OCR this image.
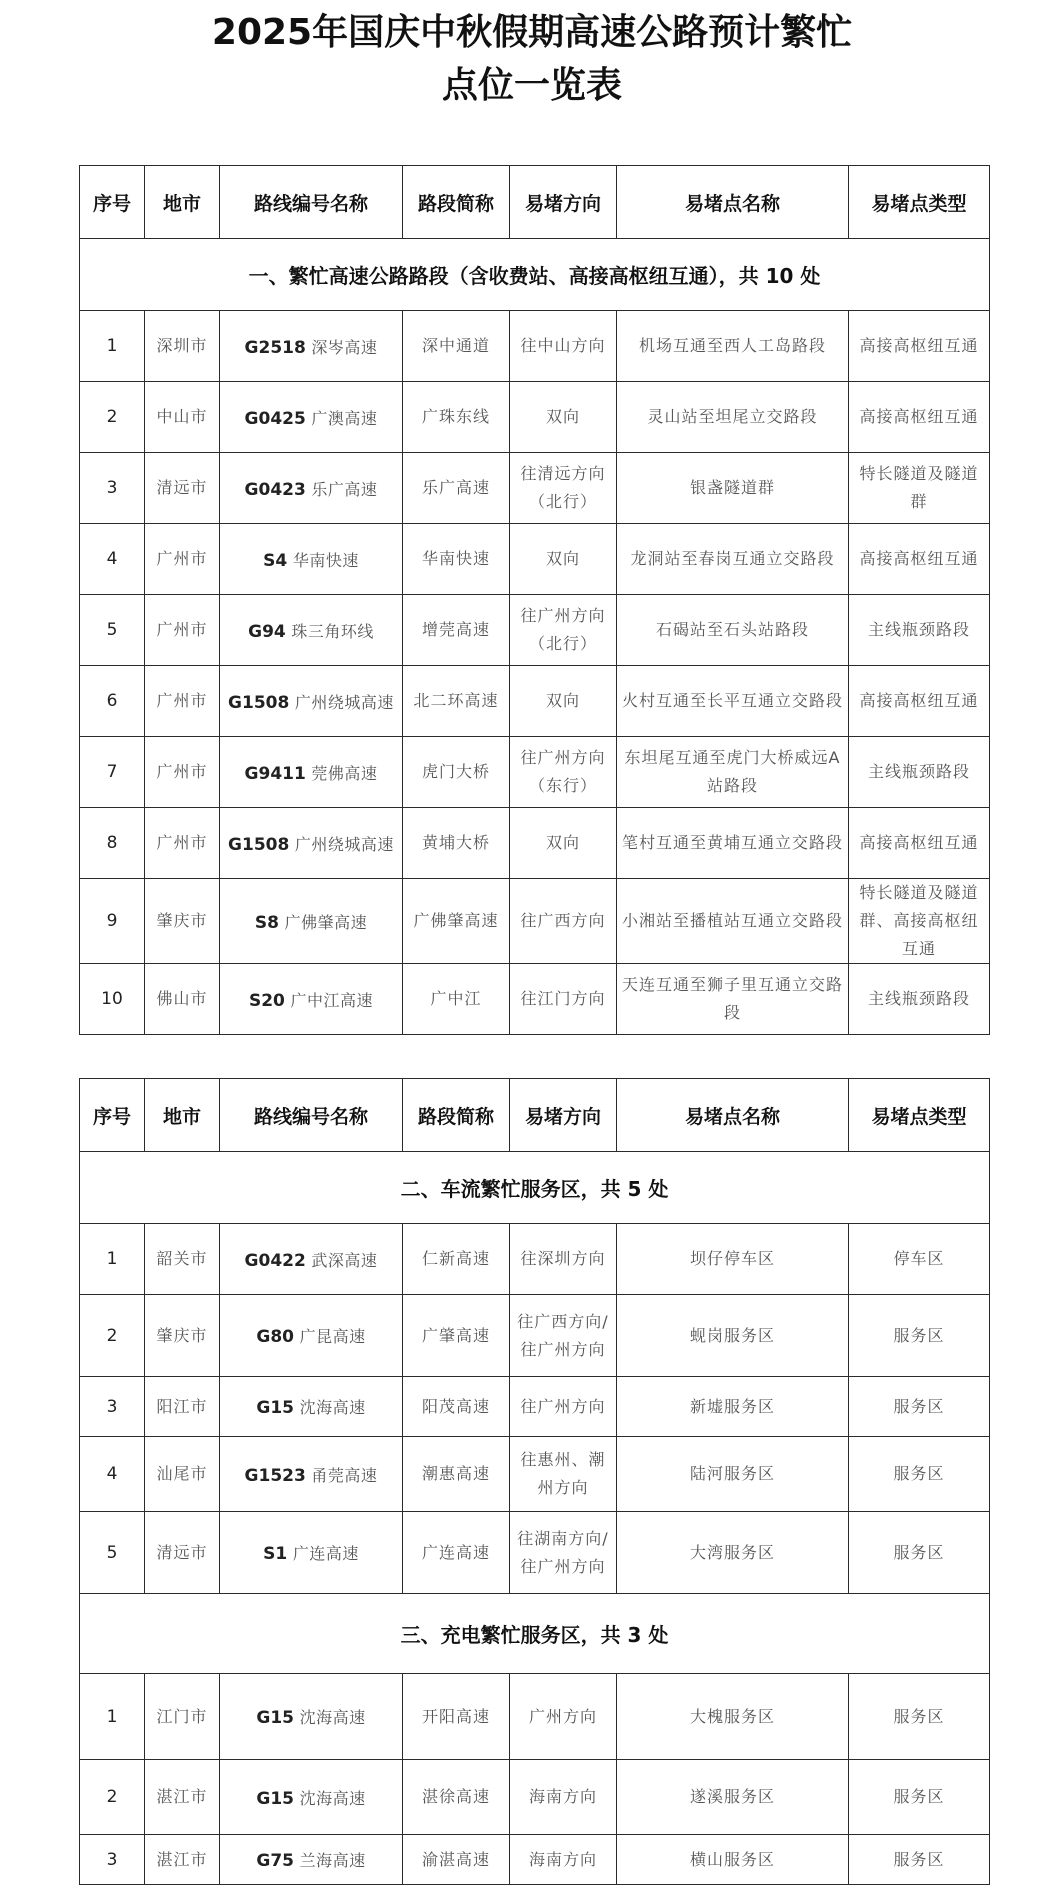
2025年国庆中秋假期高速公路预计繁忙
点位一览表
序号	地市	路线编号名称	路段简称	易堵方向	易堵点名称	易堵点类型
一、繁忙高速公路路段（含收费站、高接高枢纽互通），共 10 处						
1	深圳市	G2518 深岑高速	深中通道	往中山方向	机场互通至西人工岛路段	高接高枢纽互通
2	中山市	G0425 广澳高速	广珠东线	双向	灵山站至坦尾立交路段	高接高枢纽互通
3	清远市	G0423 乐广高速	乐广高速	往清远方向（北行）	银盏隧道群	特长隧道及隧道群
4	广州市	S4 华南快速	华南快速	双向	龙洞站至春岗互通立交路段	高接高枢纽互通
5	广州市	G94 珠三角环线	增莞高速	往广州方向（北行）	石碣站至石头站路段	主线瓶颈路段
6	广州市	G1508 广州绕城高速	北二环高速	双向	火村互通至长平互通立交路段	高接高枢纽互通
7	广州市	G9411 莞佛高速	虎门大桥	往广州方向（东行）	东坦尾互通至虎门大桥威远A站路段	主线瓶颈路段
8	广州市	G1508 广州绕城高速	黄埔大桥	双向	笔村互通至黄埔互通立交路段	高接高枢纽互通
9	肇庆市	S8 广佛肇高速	广佛肇高速	往广西方向	小湘站至播植站互通立交路段	特长隧道及隧道群、高接高枢纽互通
10	佛山市	S20 广中江高速	广中江	往江门方向	天连互通至狮子里互通立交路段	主线瓶颈路段
序号	地市	路线编号名称	路段简称	易堵方向	易堵点名称	易堵点类型
二、车流繁忙服务区，共 5 处						
1	韶关市	G0422 武深高速	仁新高速	往深圳方向	坝仔停车区	停车区
2	肇庆市	G80 广昆高速	广肇高速	往广西方向/往广州方向	蚬岗服务区	服务区
3	阳江市	G15 沈海高速	阳茂高速	往广州方向	新墟服务区	服务区
4	汕尾市	G1523 甬莞高速	潮惠高速	往惠州、潮州方向	陆河服务区	服务区
5	清远市	S1 广连高速	广连高速	往湖南方向/往广州方向	大湾服务区	服务区
三、充电繁忙服务区，共 3 处						
1	江门市	G15 沈海高速	开阳高速	广州方向	大槐服务区	服务区
2	湛江市	G15 沈海高速	湛徐高速	海南方向	遂溪服务区	服务区
3	湛江市	G75 兰海高速	渝湛高速	海南方向	横山服务区	服务区
